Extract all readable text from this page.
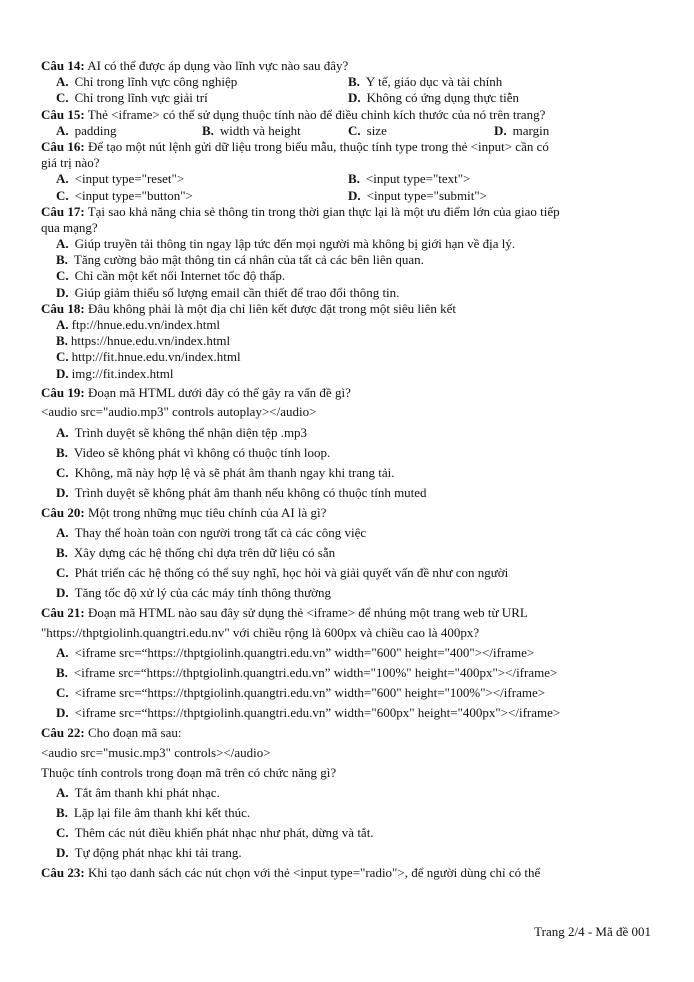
Câu 14: AI có thể được áp dụng vào lĩnh vực nào sau đây?
A. Chỉ trong lĩnh vực công nghiệp	B. Y tế, giáo dục và tài chính
C. Chỉ trong lĩnh vực giải trí	D. Không có ứng dụng thực tiễn
Câu 15: Thẻ <iframe> có thể sử dụng thuộc tính nào để điều chỉnh kích thước của nó trên trang?
A. padding	B. width và height	C. size	D. margin
Câu 16: Để tạo một nút lệnh gửi dữ liệu trong biểu mẫu, thuộc tính type trong thẻ <input> cần có
giá trị nào?
A. <input type="reset">	B. <input type="text">
C. <input type="button">	D. <input type="submit">
Câu 17: Tại sao khả năng chia sẻ thông tin trong thời gian thực lại là một ưu điểm lớn của giao tiếp
qua mạng?
A. Giúp truyền tải thông tin ngay lập tức đến mọi người mà không bị giới hạn về địa lý.
B. Tăng cường bảo mật thông tin cá nhân của tất cả các bên liên quan.
C. Chỉ cần một kết nối Internet tốc độ thấp.
D. Giúp giảm thiểu số lượng email cần thiết để trao đổi thông tin.
Câu 18: Đâu không phải là một địa chỉ liên kết được đặt trong một siêu liên kết
A. ftp://hnue.edu.vn/index.html
B. https://hnue.edu.vn/index.html
C. http://fit.hnue.edu.vn/index.html
D. img://fit.index.html
Câu 19: Đoạn mã HTML dưới đây có thể gây ra vấn đề gì?
<audio src="audio.mp3" controls autoplay></audio>
A. Trình duyệt sẽ không thể nhận diện tệp .mp3
B. Video sẽ không phát vì không có thuộc tính loop.
C. Không, mã này hợp lệ và sẽ phát âm thanh ngay khi trang tải.
D. Trình duyệt sẽ không phát âm thanh nếu không có thuộc tính muted
Câu 20: Một trong những mục tiêu chính của AI là gì?
A. Thay thế hoàn toàn con người trong tất cả các công việc
B. Xây dựng các hệ thống chỉ dựa trên dữ liệu có sẵn
C. Phát triển các hệ thống có thể suy nghĩ, học hỏi và giải quyết vấn đề như con người
D. Tăng tốc độ xử lý của các máy tính thông thường
Câu 21: Đoạn mã HTML nào sau đây sử dụng thẻ <iframe> để nhúng một trang web từ URL
"https://thptgiolinh.quangtri.edu.nv" với chiều rộng là 600px và chiều cao là 400px?
A. <iframe src=“https://thptgiolinh.quangtri.edu.vn” width="600" height="400"></iframe>
B. <iframe src=“https://thptgiolinh.quangtri.edu.vn” width="100%" height="400px"></iframe>
C. <iframe src=“https://thptgiolinh.quangtri.edu.vn” width="600" height="100%"></iframe>
D. <iframe src=“https://thptgiolinh.quangtri.edu.vn” width="600px" height="400px"></iframe>
Câu 22: Cho đoạn mã sau:
<audio src="music.mp3" controls></audio>
Thuộc tính controls trong đoạn mã trên có chức năng gì?
A. Tắt âm thanh khi phát nhạc.
B. Lặp lại file âm thanh khi kết thúc.
C. Thêm các nút điều khiển phát nhạc như phát, dừng và tắt.
D. Tự động phát nhạc khi tải trang.
Câu 23: Khi tạo danh sách các nút chọn với thẻ <input type="radio">, để người dùng chỉ có thể
Trang 2/4 - Mã đề 001
